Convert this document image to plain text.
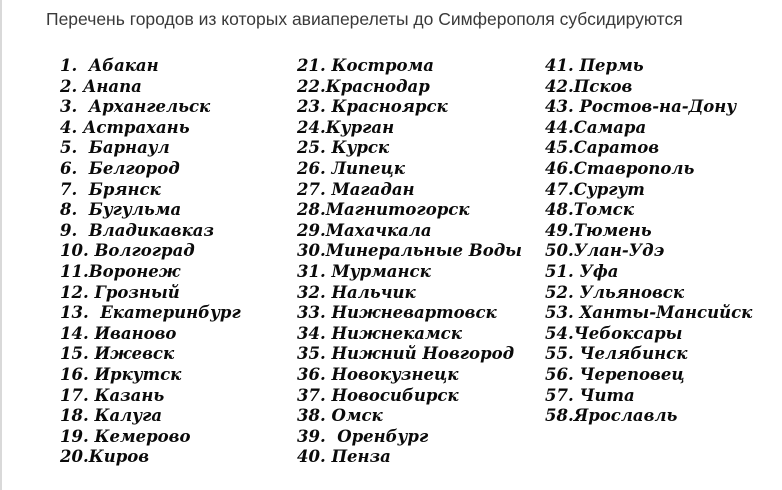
Перечень городов из которых авиаперелеты до Симферополя субсидируются
1.  Абакан
2. Анапа
3.  Архангельск
4. Астрахань
5.  Барнаул
6.  Белгород
7.  Брянск
8.  Бугульма
9.  Владикавказ
10. Волгоград
11.Воронеж
12. Грозный
13.  Екатеринбург
14. Иваново
15. Ижевск
16. Иркутск
17. Казань
18. Калуга
19. Кемерово
20.Киров
21. Кострома
22.Краснодар
23. Красноярск
24.Курган
25. Курск
26. Липецк
27. Магадан
28.Магнитогорск
29.Махачкала
30.Минеральные Воды
31. Мурманск
32. Нальчик
33. Нижневартовск
34. Нижнекамск
35. Нижний Новгород
36. Новокузнецк
37. Новосибирск
38. Омск
39.  Оренбург
40. Пенза
41. Пермь
42.Псков
43. Ростов-на-Дону
44.Самара
45.Саратов
46.Ставрополь
47.Сургут
48.Томск
49.Тюмень
50.Улан-Удэ
51. Уфа
52. Ульяновск
53. Ханты-Мансийск
54.Чебоксары
55. Челябинск
56. Череповец
57. Чита
58.Ярославль
